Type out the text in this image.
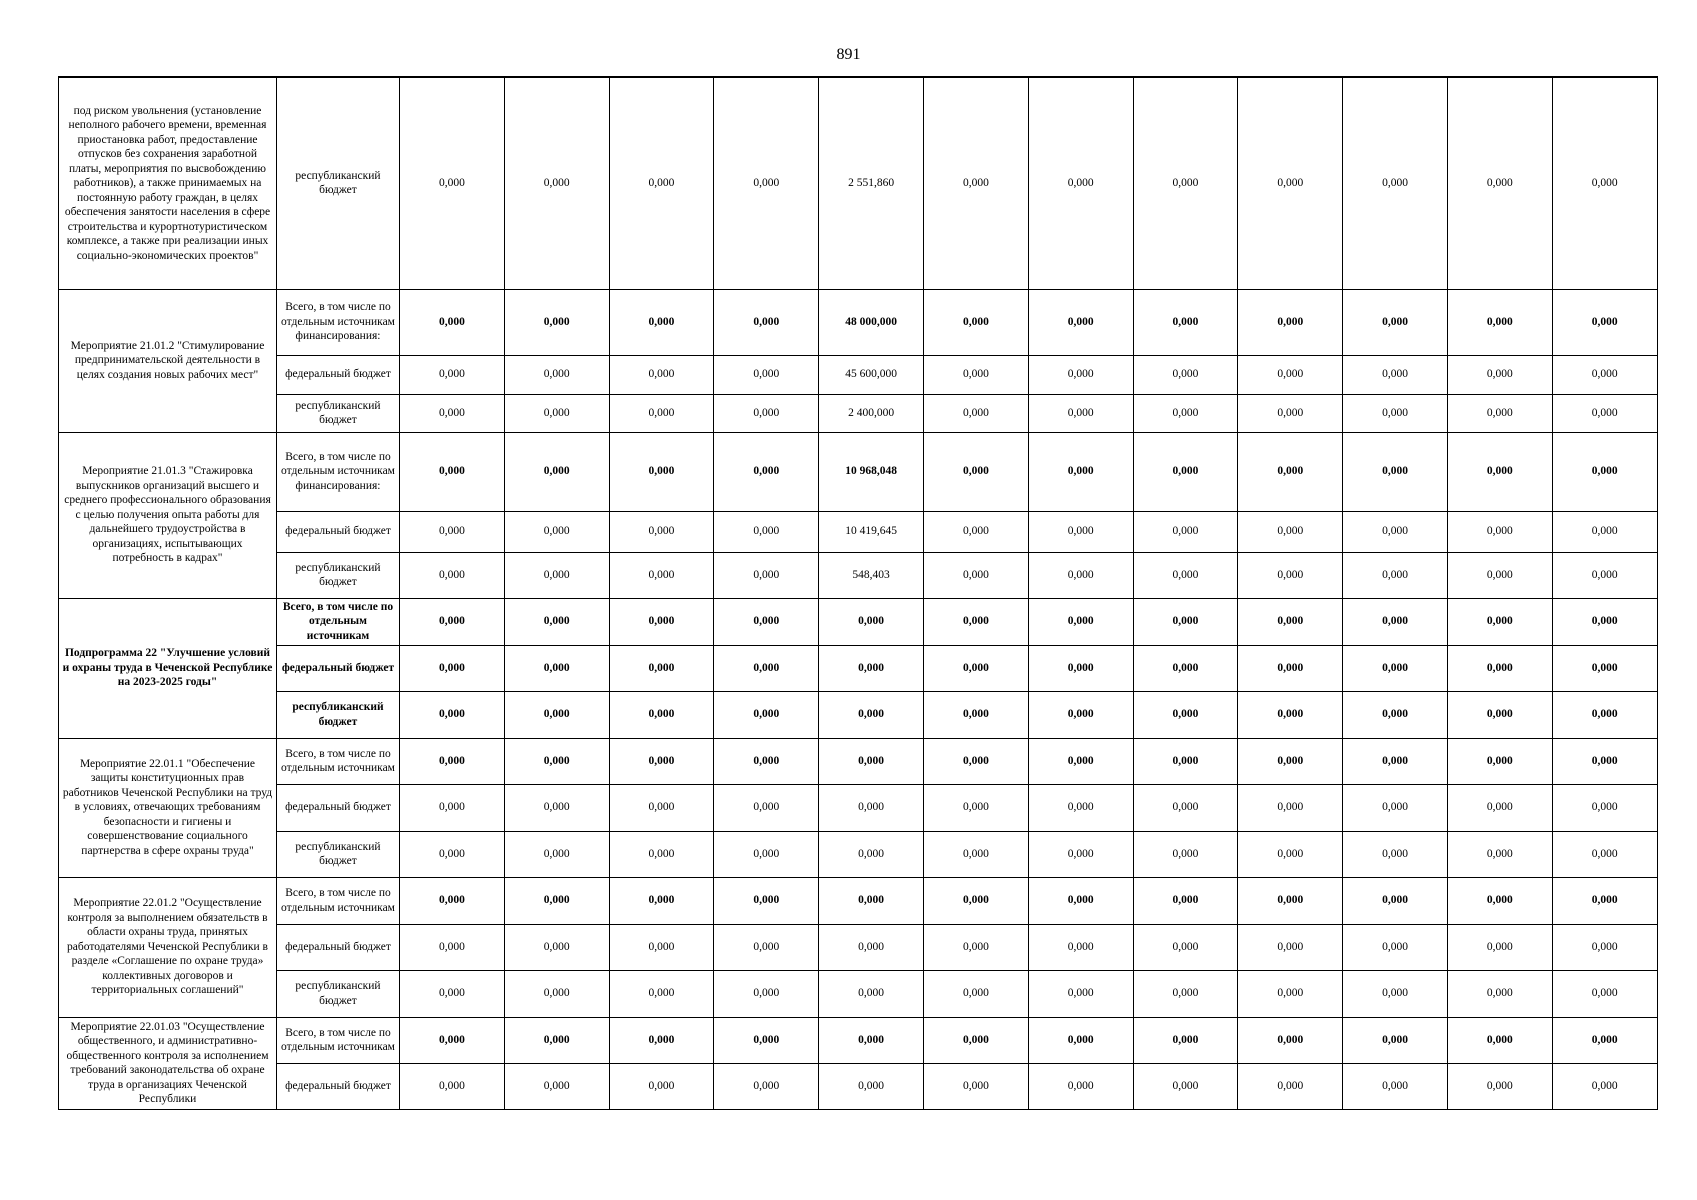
891
под риском увольнения (установление неполного рабочего времени, временная приостановка работ, предоставление отпусков без сохранения заработной платы, мероприятия по высвобождению работников), а также принимаемых на постоянную работу граждан, в целях обеспечения занятости населения в сфере строительства и курортнотуристическом комплексе, а также при реализации иных социально-экономических проектов"	республиканский бюджет	0,000	0,000	0,000	0,000	2 551,860	0,000	0,000	0,000	0,000	0,000	0,000	0,000
Мероприятие 21.01.2 "Стимулирование предпринимательской деятельности в целях создания новых рабочих мест"	Всего, в том числе по отдельным источникам финансирования:	0,000	0,000	0,000	0,000	48 000,000	0,000	0,000	0,000	0,000	0,000	0,000	0,000
	федеральный бюджет	0,000	0,000	0,000	0,000	45 600,000	0,000	0,000	0,000	0,000	0,000	0,000	0,000
	республиканский бюджет	0,000	0,000	0,000	0,000	2 400,000	0,000	0,000	0,000	0,000	0,000	0,000	0,000
Мероприятие 21.01.3 "Стажировка выпускников организаций высшего и среднего профессионального образования с целью получения опыта работы для дальнейшего трудоустройства в организациях, испытывающих потребность в кадрах"	Всего, в том числе по отдельным источникам финансирования:	0,000	0,000	0,000	0,000	10 968,048	0,000	0,000	0,000	0,000	0,000	0,000	0,000
	федеральный бюджет	0,000	0,000	0,000	0,000	10 419,645	0,000	0,000	0,000	0,000	0,000	0,000	0,000
	республиканский бюджет	0,000	0,000	0,000	0,000	548,403	0,000	0,000	0,000	0,000	0,000	0,000	0,000
Подпрограмма 22 "Улучшение условий и охраны труда в Чеченской Республике на 2023-2025 годы"	Всего, в том числе по отдельным источникам	0,000	0,000	0,000	0,000	0,000	0,000	0,000	0,000	0,000	0,000	0,000	0,000
	федеральный бюджет	0,000	0,000	0,000	0,000	0,000	0,000	0,000	0,000	0,000	0,000	0,000	0,000
	республиканский бюджет	0,000	0,000	0,000	0,000	0,000	0,000	0,000	0,000	0,000	0,000	0,000	0,000
Мероприятие 22.01.1 "Обеспечение защиты конституционных прав работников Чеченской Республики на труд в условиях, отвечающих требованиям безопасности и гигиены и совершенствование социального партнерства в сфере охраны труда"	Всего, в том числе по отдельным источникам	0,000	0,000	0,000	0,000	0,000	0,000	0,000	0,000	0,000	0,000	0,000	0,000
	федеральный бюджет	0,000	0,000	0,000	0,000	0,000	0,000	0,000	0,000	0,000	0,000	0,000	0,000
	республиканский бюджет	0,000	0,000	0,000	0,000	0,000	0,000	0,000	0,000	0,000	0,000	0,000	0,000
Мероприятие 22.01.2 "Осуществление контроля за выполнением обязательств в области охраны труда, принятых работодателями Чеченской Республики в разделе «Соглашение по охране труда» коллективных договоров и территориальных соглашений"	Всего, в том числе по отдельным источникам	0,000	0,000	0,000	0,000	0,000	0,000	0,000	0,000	0,000	0,000	0,000	0,000
	федеральный бюджет	0,000	0,000	0,000	0,000	0,000	0,000	0,000	0,000	0,000	0,000	0,000	0,000
	республиканский бюджет	0,000	0,000	0,000	0,000	0,000	0,000	0,000	0,000	0,000	0,000	0,000	0,000
Мероприятие 22.01.03 "Осуществление общественного, и административно-общественного контроля за исполнением требований законодательства об охране труда в организациях Чеченской Республики	Всего, в том числе по отдельным источникам	0,000	0,000	0,000	0,000	0,000	0,000	0,000	0,000	0,000	0,000	0,000	0,000
	федеральный бюджет	0,000	0,000	0,000	0,000	0,000	0,000	0,000	0,000	0,000	0,000	0,000	0,000
